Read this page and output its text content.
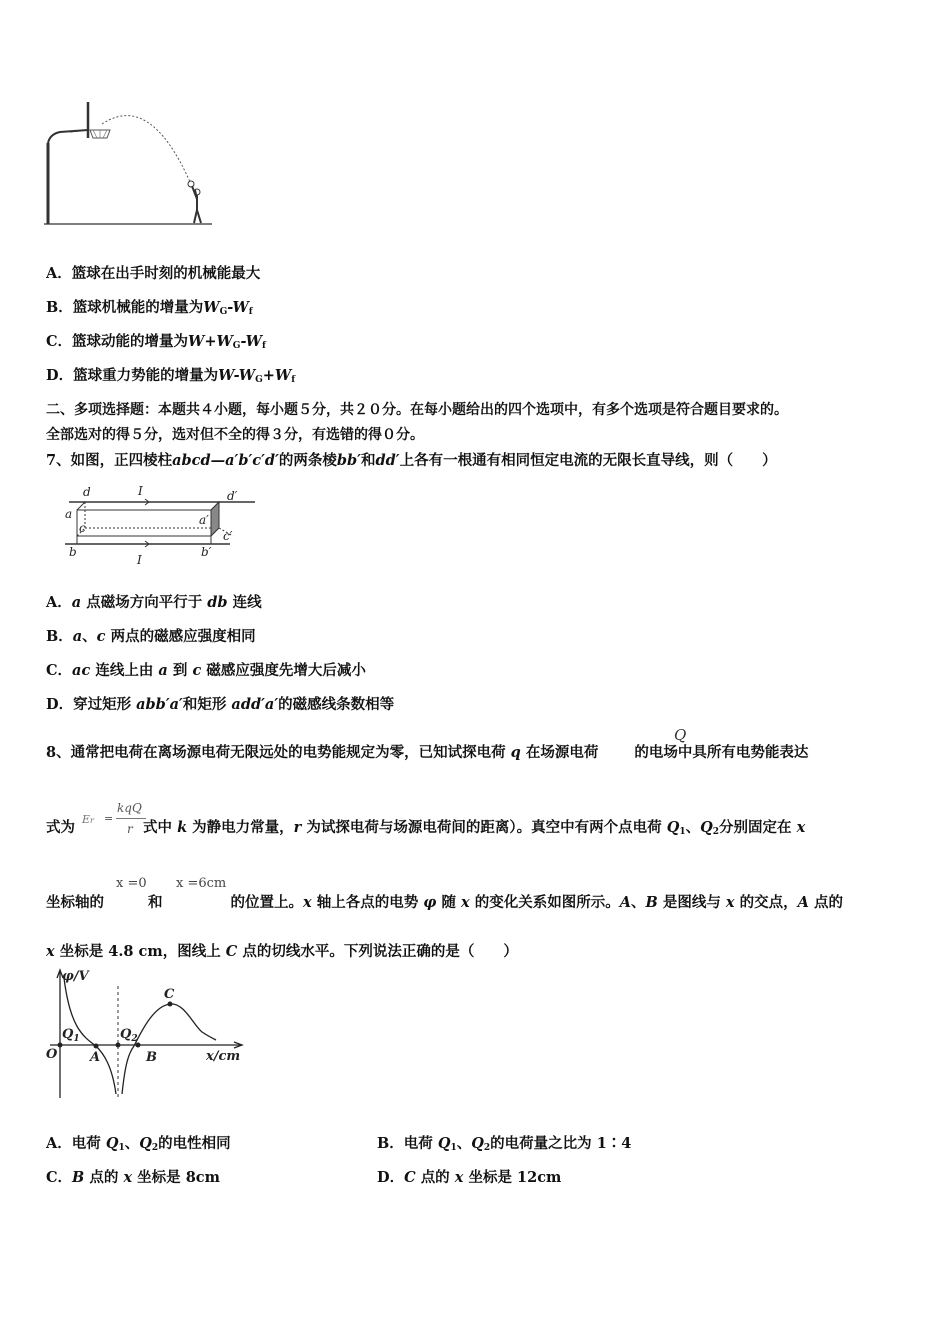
A．篮球在出手时刻的机械能最大
B．篮球机械能的增量为$W_G-W_f$
C．篮球动能的增量为$W+W_G-W_f$
D．篮球重力势能的增量为$W-W_G+W_f$
二、多项选择题：本题共４小题，每小题５分，共２０分。在每小题给出的四个选项中，有多个选项是符合题目要求的。
全部选对的得５分，选对但不全的得３分，有选错的得０分。
7、如图，正四棱柱abcd—a′b′c′d′的两条棱bb′和dd′上各有一根通有相同恒定电流的无限长直导线，则（　　）
d	I	d′
a	a′
c
c′
b	b′
I
A．a 点磁场方向平行于 db 连线
B．a、c 两点的磁感应强度相同
C．ac 连线上由 a 到 c 磁感应强度先增大后减小
D．穿过矩形 abb′a′和矩形 add′a′的磁感线条数相等
8、通常把电荷在离场源电荷无限远处的电势能规定为零，已知试探电荷 q 在场源电荷 的电场中具所有电势能表达
Q
式为	式中 k 为静电力常量，r 为试探电荷与场源电荷间的距离）。真空中有两个点电荷 $Q_1$、$Q_2$分别固定在 x
Er =
kqQ
r
坐标轴的	和	的位置上。x 轴上各点的电势 φ 随 x 的变化关系如图所示。A、B 是图线与 x 的交点，A 点的
x =0 x =6cm
x 坐标是 4.8 cm，图线上 C 点的切线水平。下列说法正确的是（　　）
φ/V
O
$Q_1$	$Q_2$
A	B
C
x/cm
A．电荷 $Q_1$、$Q_2$的电性相同	B．电荷 $Q_1$、$Q_2$的电荷量之比为 1∶4
C．B 点的 x 坐标是 8cm	D．C 点的 x 坐标是 12cm
